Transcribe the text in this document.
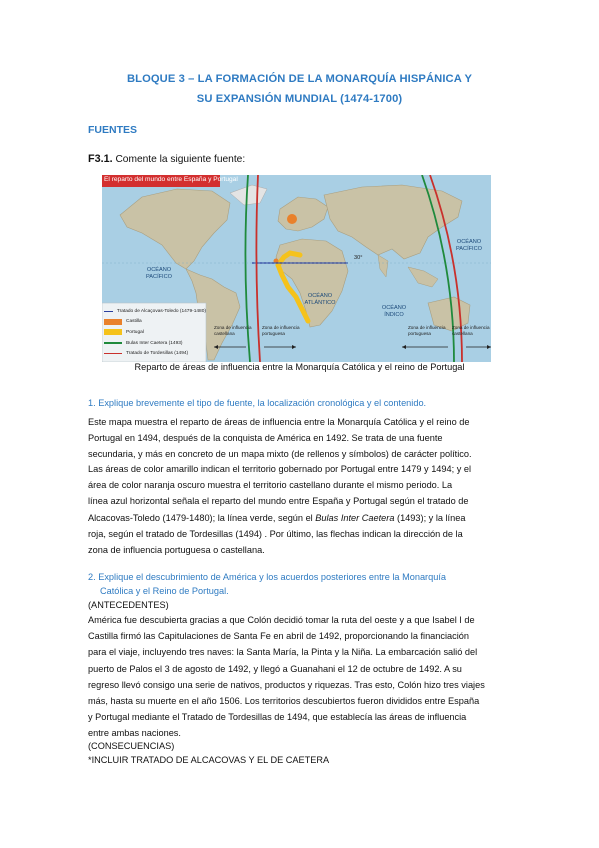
BLOQUE 3 – LA FORMACIÓN DE LA MONARQUÍA HISPÁNICA Y
SU EXPANSIÓN MUNDIAL (1474-1700)
FUENTES
F3.1. Comente la siguiente fuente:
El reparto del mundo entre España y Portugal
OCÉANO PACÍFICO
OCÉANO ATLÁNTICO
OCÉANO ÍNDICO
OCÉANO PACÍFICO
30°
Zona de influencia castellana
Zona de influencia portuguesa
Zona de influencia portuguesa
Zona de influencia castellana
Tratado de Alcaçovas-Toledo (1479-1480)
Castilla
Portugal
Bulas Inter Caetera (1493)
Tratado de Tordesillas (1494)
Reparto de áreas de influencia entre la Monarquía Católica y el reino de Portugal
1. Explique brevemente el tipo de fuente, la localización cronológica y el contenido.
Este mapa muestra el reparto de áreas de influencia entre la Monarquía Católica y el reino de
Portugal en 1494, después de la conquista de América en 1492. Se trata de una fuente
secundaria, y más en concreto de un mapa mixto (de rellenos y símbolos) de carácter político.
Las áreas de color amarillo indican el territorio gobernado por Portugal entre 1479 y 1494; y el
área de color naranja oscuro muestra el territorio castellano durante el mismo periodo. La
línea azul horizontal señala el reparto del mundo entre España y Portugal según el tratado de
Alcacovas-Toledo (1479-1480); la línea verde, según el Bulas Inter Caetera (1493); y la línea
roja, según el tratado de Tordesillas (1494) . Por último, las flechas indican la dirección de la
zona de influencia portuguesa o castellana.
2. Explique el descubrimiento de América y los acuerdos posteriores entre la Monarquía
Católica y el Reino de Portugal.
(ANTECEDENTES)
América fue descubierta gracias a que Colón decidió tomar la ruta del oeste y a que Isabel I de
Castilla firmó las Capitulaciones de Santa Fe en abril de 1492, proporcionando la financiación
para el viaje, incluyendo tres naves: la Santa María, la Pinta y la Niña. La embarcación salió del
puerto de Palos el 3 de agosto de 1492, y llegó a Guanahani el 12 de octubre de 1492. A su
regreso llevó consigo una serie de nativos, productos y riquezas. Tras esto, Colón hizo tres viajes
más, hasta su muerte en el año 1506. Los territorios descubiertos fueron divididos entre España
y Portugal mediante el Tratado de Tordesillas de 1494, que establecía las áreas de influencia
entre ambas naciones.
(CONSECUENCIAS)
*INCLUIR TRATADO DE ALCACOVAS Y EL DE CAETERA
